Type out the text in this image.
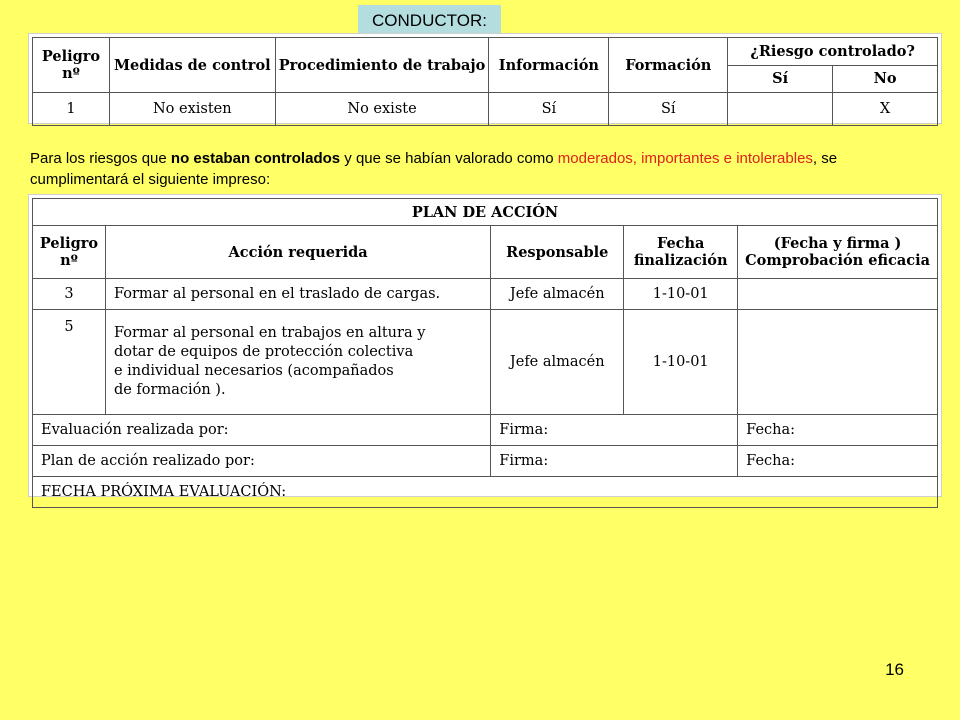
CONDUCTOR:
Peligro nº	Medidas de control	Procedimiento de trabajo	Información	Formación	¿Riesgo controlado?	
					Sí	No
1	No existen	No existe	Sí	Sí		X
Para los riesgos que no estaban controlados y que se habían valorado como moderados, importantes e intolerables, se cumplimentará el siguiente impreso:
PLAN DE ACCIÓN				
Peligro nº	Acción requerida	Responsable	Fecha finalización	(Fecha y firma ) Comprobación eficacia
3	Formar al personal en el traslado de cargas.	Jefe almacén	1-10-01	
5	Formar al personal en trabajos en altura y
dotar de equipos de protección colectiva
e individual necesarios (acompañados
de formación ).	Jefe almacén	1-10-01	
Evaluación realizada por:		Firma:		Fecha:
Plan de acción realizado por:		Firma:		Fecha:
FECHA PRÓXIMA EVALUACIÓN:				
16
